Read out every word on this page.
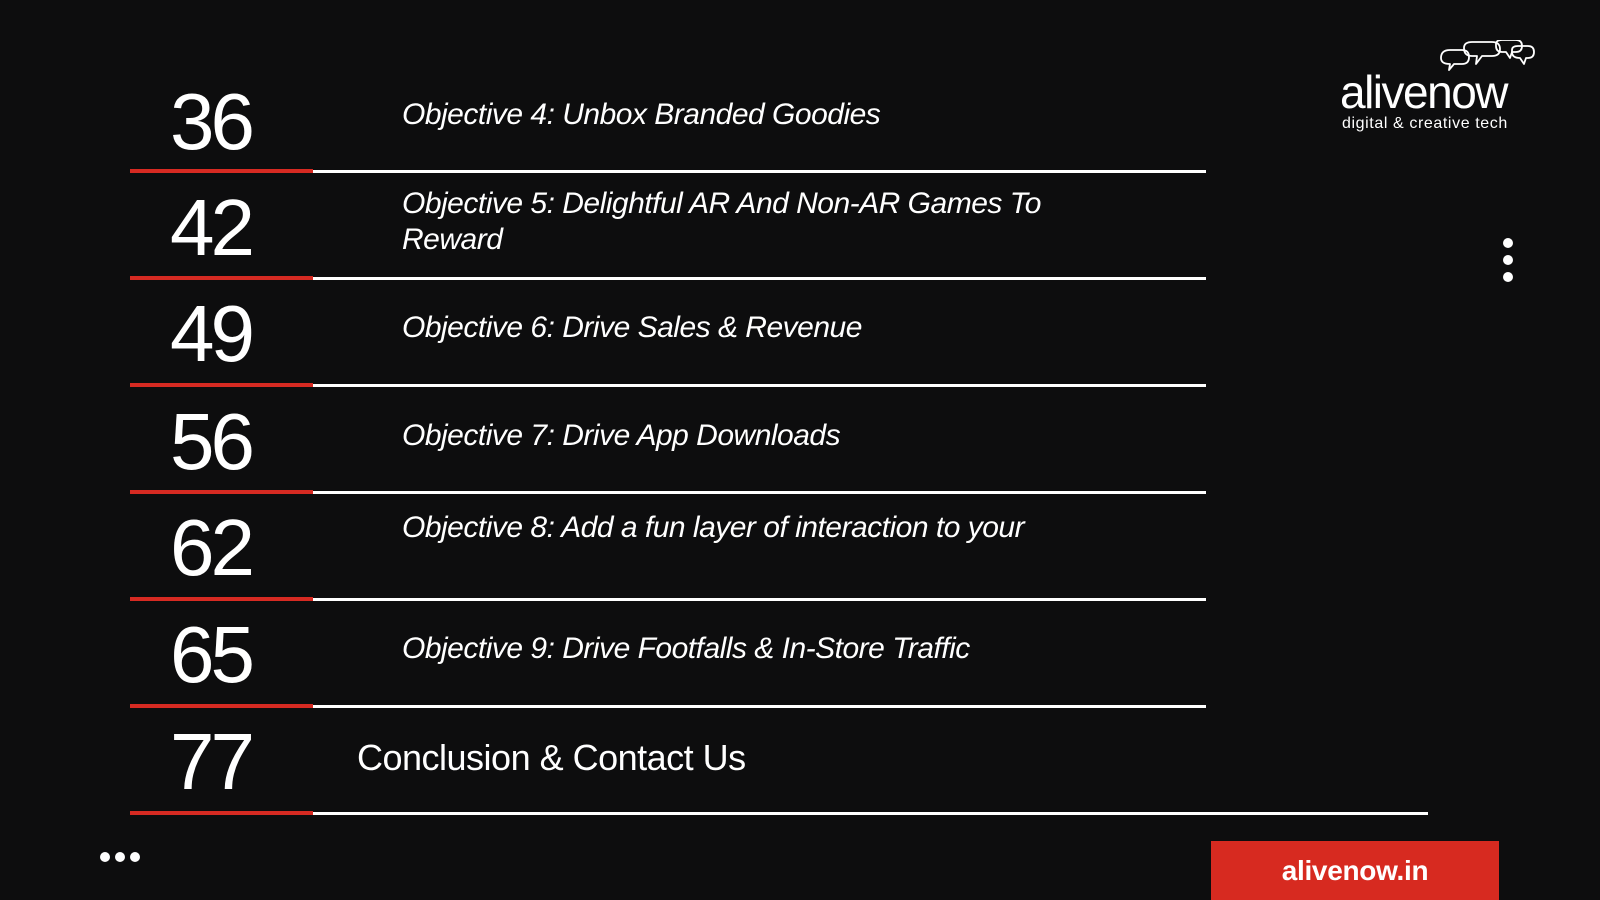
36	Objective 4: Unbox Branded Goodies
42	Objective 5: Delightful AR And Non-AR Games To Reward
49	Objective 6: Drive Sales & Revenue
56	Objective 7: Drive App Downloads
62	Objective 8: Add a fun layer of interaction to your
65	Objective 9: Drive Footfalls & In-Store Traffic
77	Conclusion & Contact Us
alivenow
digital & creative tech
alivenow.in
